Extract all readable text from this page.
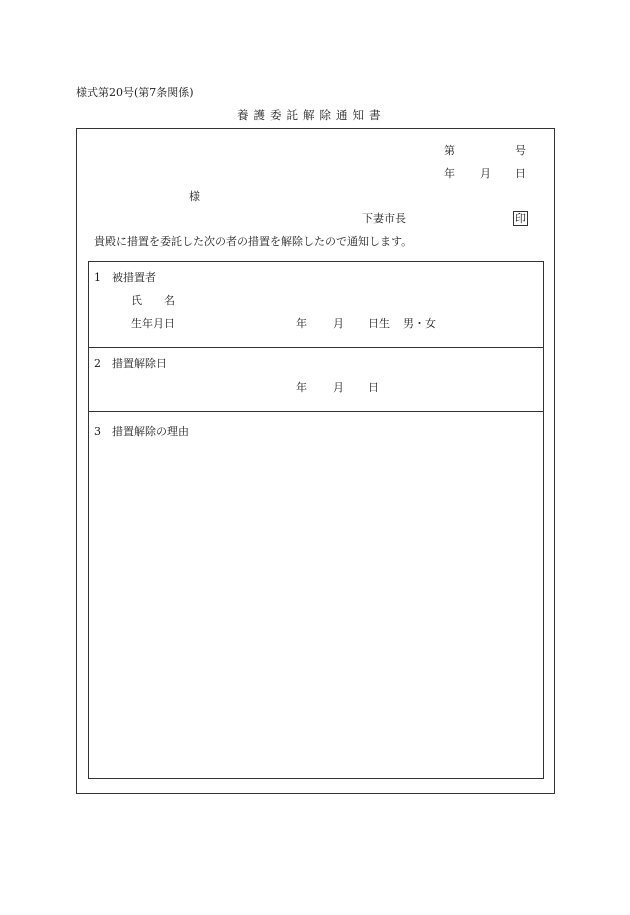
様式第20号(第7条関係)
養護委託解除通知書
第	号
年 月 日
様
下妻市長	印
貴殿に措置を委託した次の者の措置を解除したので通知します。
1　被措置者
氏 名
生年月日	年 月 日生 男・女
2　措置解除日
年 月 日
3　措置解除の理由
